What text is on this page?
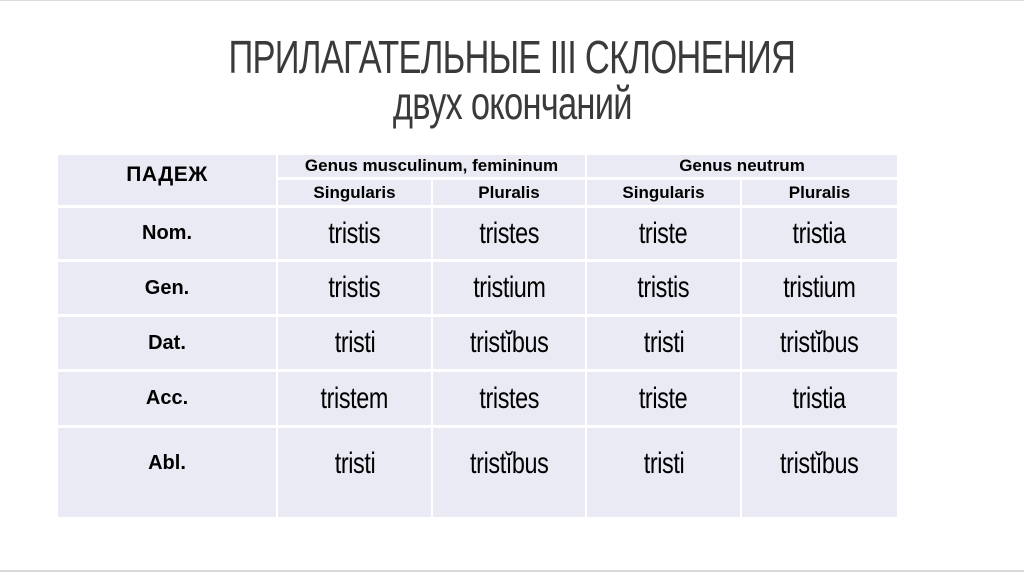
ПРИЛАГАТЕЛЬНЫЕ III СКЛОНЕНИЯ
двух окончаний
ПАДЕЖ	Genus musculinum, femininum	Genus neutrum
Singularis	Pluralis	Singularis	Pluralis
Nom.	tristis	tristes	triste	tristia
Gen.	tristis	tristium	tristis	tristium
Dat.	tristi	tristĭbus	tristi	tristĭbus
Acc.	tristem	tristes	triste	tristia
Abl.	tristi	tristĭbus	tristi	tristĭbus
